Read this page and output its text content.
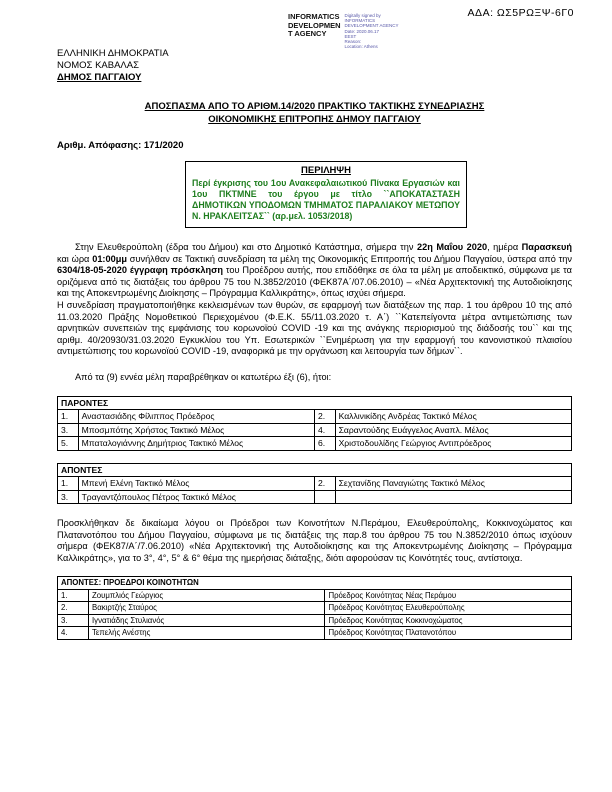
ΑΔΑ: ΩΣ5ΡΩΞΨ-6Γ0
INFORMATICS
DEVELOPMEN
T AGENCY
Digitally signed by
INFORMATICS
DEVELOPMENT AGENCY
Date: 2020.06.17
EEST
Reason:
Location: Athens
ΕΛΛΗΝΙΚΗ ΔΗΜΟΚΡΑΤΙΑ
ΝΟΜΟΣ ΚΑΒΑΛΑΣ
ΔΗΜΟΣ ΠΑΓΓΑΙΟΥ
ΑΠΟΣΠΑΣΜΑ ΑΠΟ ΤΟ ΑΡΙΘΜ.14/2020 ΠΡΑΚΤΙΚΟ ΤΑΚΤΙΚΗΣ ΣΥΝΕΔΡΙΑΣΗΣ
ΟΙΚΟΝΟΜΙΚΗΣ ΕΠΙΤΡΟΠΗΣ ΔΗΜΟΥ ΠΑΓΓΑΙΟΥ
Αριθμ. Απόφασης: 171/2020
ΠΕΡΙΛΗΨΗ
Περί έγκρισης του 1ου Ανακεφαλαιωτικού Πίνακα Εργασιών και 1ου ΠΚΤΜΝΕ του έργου με τίτλο ``ΑΠΟΚΑΤΑΣΤΑΣΗ ΔΗΜΟΤΙΚΩΝ ΥΠΟΔΟΜΩΝ ΤΜΗΜΑΤΟΣ ΠΑΡΑΛΙΑΚΟΥ ΜΕΤΩΠΟΥ Ν. ΗΡΑΚΛΕΙΤΣΑΣ`` (αρ.μελ. 1053/2018)

Στην Ελευθερούπολη (έδρα του Δήμου) και στο Δημοτικό Κατάστημα, σήμερα την 22η Μαΐου 2020, ημέρα Παρασκευή και ώρα 01:00μμ συνήλθαν σε Τακτική συνεδρίαση τα μέλη της Οικονομικής Επιτροπής του Δήμου Παγγαίου, ύστερα από την 6304/18-05-2020 έγγραφη πρόσκληση του Προέδρου αυτής, που επιδόθηκε σε όλα τα μέλη με αποδεικτικό, σύμφωνα με τα οριζόμενα από τις διατάξεις του άρθρου 75 του Ν.3852/2010 (ΦΕΚ87Α΄/07.06.2010) – «Νέα Αρχιτεκτονική της Αυτοδιοίκησης και της Αποκεντρωμένης Διοίκησης – Πρόγραμμα Καλλικράτης», όπως ισχύει σήμερα.

Η συνεδρίαση πραγματοποιήθηκε κεκλεισμένων των θυρών, σε εφαρμογή των διατάξεων της παρ. 1 του άρθρου 10 της από 11.03.2020 Πράξης Νομοθετικού Περιεχομένου (Φ.Ε.Κ. 55/11.03.2020 τ. Α΄) ``Κατεπείγοντα μέτρα αντιμετώπισης των αρνητικών συνεπειών της εμφάνισης του κορωνοϊού COVID -19 και της ανάγκης περιορισμού της διάδοσής του`` και της αριθμ. 40/20930/31.03.2020 Εγκυκλίου του Υπ. Εσωτερικών ``Ενημέρωση για την εφαρμογή του κανονιστικού πλαισίου αντιμετώπισης του κορωνοϊού COVID -19, αναφορικά με την οργάνωση και λειτουργία των δήμων``.

Από τα (9) εννέα μέλη παραβρέθηκαν οι κατωτέρω έξι (6), ήτοι:

ΠΑΡΟΝΤΕΣ			
1.	Αναστασιάδης Φίλιππος Πρόεδρος	2.	Καλλινικίδης Ανδρέας Τακτικό Μέλος
3.	Μποσμπότης Χρήστος Τακτικό Μέλος	4.	Σαραντούδης Ευάγγελος Αναπλ. Μέλος
5.	Μπαταλογιάννης Δημήτριος Τακτικό Μέλος	6.	Χριστοδουλίδης Γεώργιος Αντιπρόεδρος
ΑΠΟΝΤΕΣ			
1.	Μπενή Ελένη Τακτικό Μέλος	2.	Σεχτανίδης Παναγιώτης Τακτικό Μέλος
3.	Τραγαντζόπουλος Πέτρος Τακτικό Μέλος		

Προσκλήθηκαν δε δικαίωμα λόγου οι Πρόεδροι των Κοινοτήτων Ν.Περάμου, Ελευθερούπολης, Κοκκινοχώματος και Πλατανοτόπου του Δήμου Παγγαίου, σύμφωνα με τις διατάξεις της παρ.8 του άρθρου 75 του Ν.3852/2010 όπως ισχύουν σήμερα (ΦΕΚ87/Α΄/7.06.2010) «Νέα Αρχιτεκτονική της Αυτοδιοίκησης και της Αποκεντρωμένης Διοίκησης – Πρόγραμμα Καλλικράτης», για το 3°, 4°, 5° & 6° θέμα της ημερήσιας διάταξης, διότι αφορούσαν τις Κοινότητές τους, αντίστοιχα.

ΑΠΟΝΤΕΣ: ΠΡΟΕΔΡΟΙ ΚΟΙΝΟΤΗΤΩΝ		
1.	Ζουμπλιός Γεώργιος	Πρόεδρος Κοινότητας Νέας Περάμου
2.	Βακιρτζής Σταύρος	Πρόεδρος Κοινότητας Ελευθερούπολης
3.	Ιγνατιάδης Στυλιανός	Πρόεδρος Κοινότητας Κοκκινοχώματος
4.	Τεπελής Ανέστης	Πρόεδρος Κοινότητας Πλατανοτόπου
